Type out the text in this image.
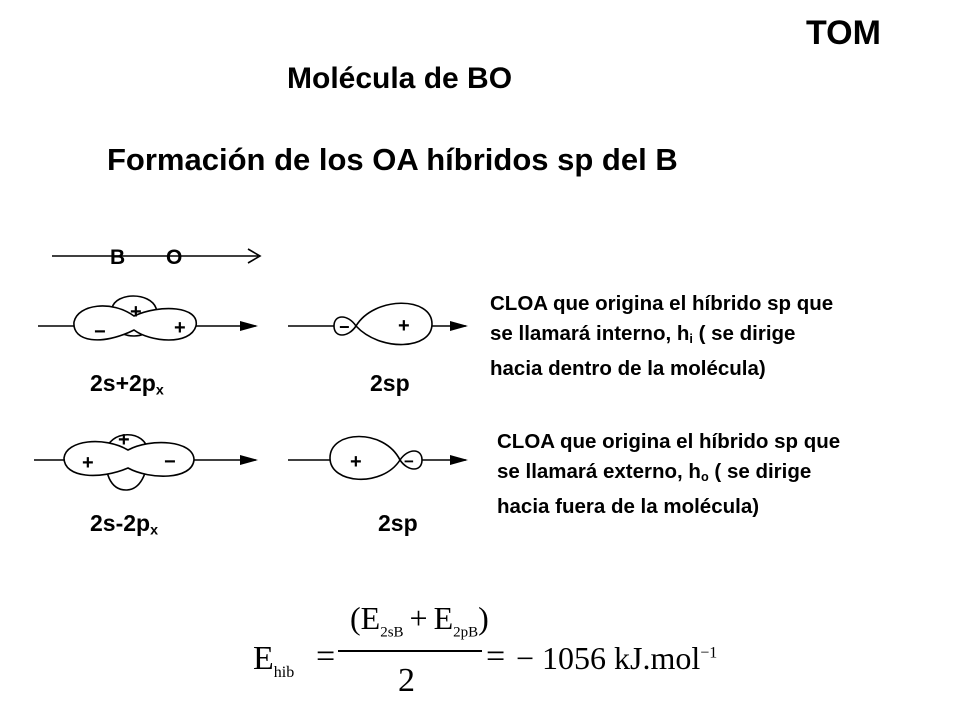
TOM
Molécula de BO
Formación de los OA híbridos sp del B
B O
−
+
+	− +
+
+
−	+ −
$2s+2p_x$	2sp
$2s-2p_x$	2sp
CLOA que origina el híbrido sp que
se llamará interno, $h_i$ ( se dirige
hacia dentro de la molécula)
CLOA que origina el híbrido sp que
se llamará externo, $h_o$ ( se dirige
hacia fuera de la molécula)
$E_{hib}$ =
$(E_{2sB} + E_{2pB})$
2
= − 1056 kJ.mol$^{-1}$
